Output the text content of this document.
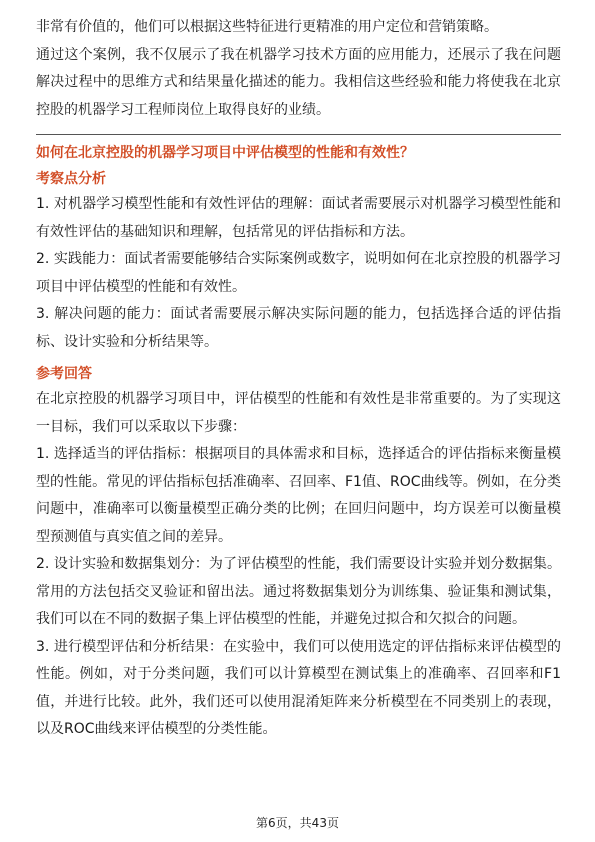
非常有价值的，他们可以根据这些特征进行更精准的用户定位和营销策略。

通过这个案例，我不仅展示了我在机器学习技术方面的应用能力，还展示了我在问题解决过程中的思维方式和结果量化描述的能力。我相信这些经验和能力将使我在北京控股的机器学习工程师岗位上取得良好的业绩。

如何在北京控股的机器学习项目中评估模型的性能和有效性？
考察点分析

1. 对机器学习模型性能和有效性评估的理解：面试者需要展示对机器学习模型性能和有效性评估的基础知识和理解，包括常见的评估指标和方法。

2. 实践能力：面试者需要能够结合实际案例或数字，说明如何在北京控股的机器学习项目中评估模型的性能和有效性。

3. 解决问题的能力：面试者需要展示解决实际问题的能力，包括选择合适的评估指标、设计实验和分析结果等。

参考回答

在北京控股的机器学习项目中，评估模型的性能和有效性是非常重要的。为了实现这一目标，我们可以采取以下步骤：

1. 选择适当的评估指标：根据项目的具体需求和目标，选择适合的评估指标来衡量模型的性能。常见的评估指标包括准确率、召回率、F1值、ROC曲线等。例如，在分类问题中，准确率可以衡量模型正确分类的比例；在回归问题中，均方误差可以衡量模型预测值与真实值之间的差异。

2. 设计实验和数据集划分：为了评估模型的性能，我们需要设计实验并划分数据集。常用的方法包括交叉验证和留出法。通过将数据集划分为训练集、验证集和测试集，我们可以在不同的数据子集上评估模型的性能，并避免过拟合和欠拟合的问题。

3. 进行模型评估和分析结果：在实验中，我们可以使用选定的评估指标来评估模型的性能。例如，对于分类问题，我们可以计算模型在测试集上的准确率、召回率和F1值，并进行比较。此外，我们还可以使用混淆矩阵来分析模型在不同类别上的表现，以及ROC曲线来评估模型的分类性能。

第6页，共43页
